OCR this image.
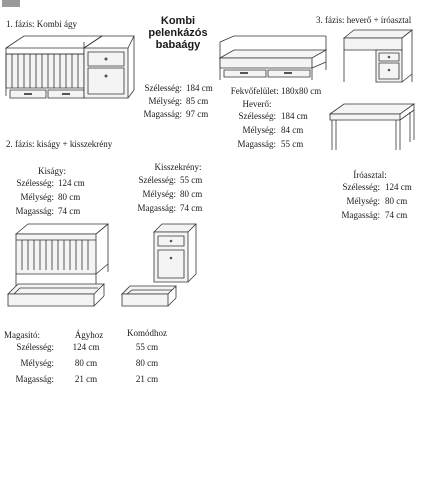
1. fázis: Kombi ágy	Kombi
pelenkázós
babaágy
Szélesség: 184 cm
Mélység: 85 cm
Magasság: 97 cm
3. fázis: heverő + íróasztal
Fekvőfelület: 180x80 cm
Heverő:
Szélesség: 184 cm
Mélység: 84 cm
Magasság: 55 cm
Íróasztal:
Szélesség: 124 cm
Mélység: 80 cm
Magasság: 74 cm
2. fázis: kiságy + kisszekrény
Kiságy:
Szélesség: 124 cm
Mélység: 80 cm
Magasság: 74 cm
Kisszekrény:
Szélesség: 55 cm
Mélység: 80 cm
Magasság: 74 cm
Magasító:	Ágyhoz	Komódhoz
Szélesség:	124 cm	55 cm
Mélység:	80 cm	80 cm
Magasság:	21 cm	21 cm
